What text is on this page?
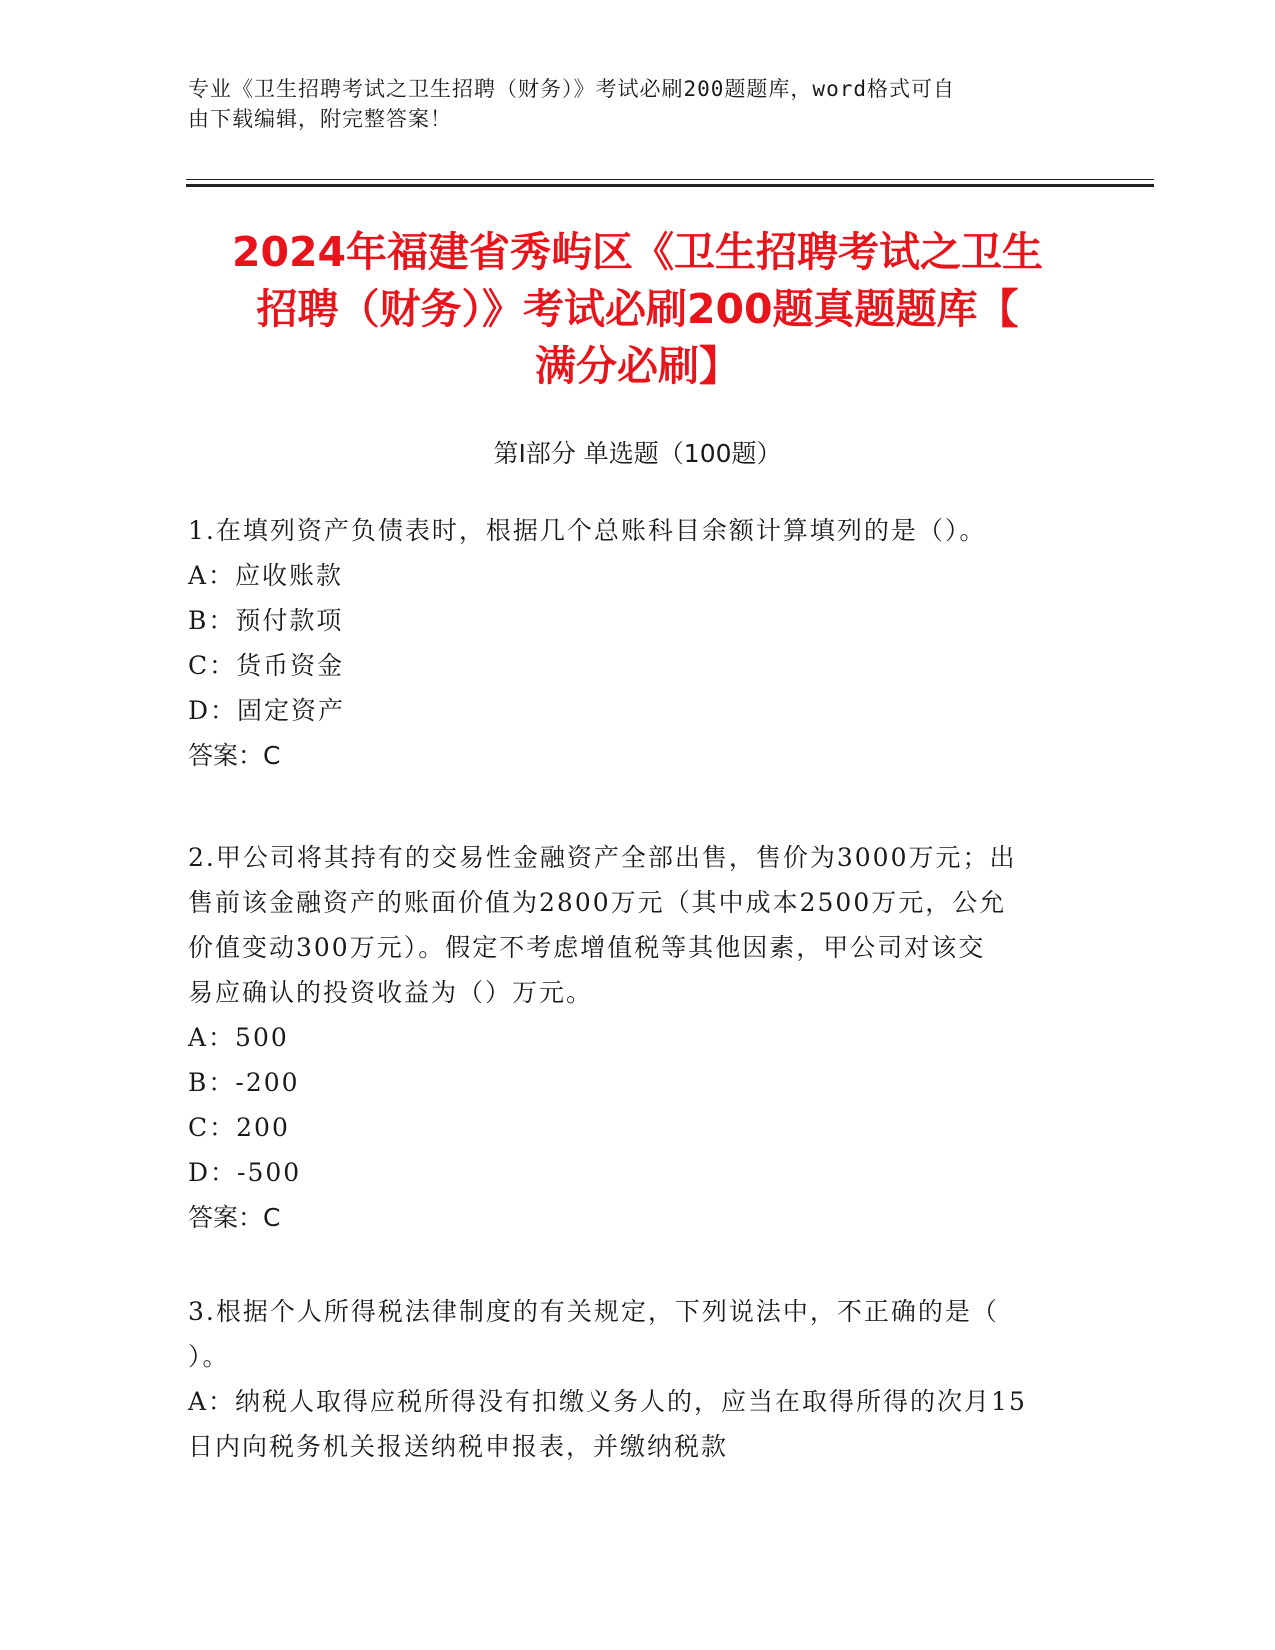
专业《卫生招聘考试之卫生招聘（财务）》考试必刷200题题库，word格式可自
由下载编辑，附完整答案！
2024年福建省秀屿区《卫生招聘考试之卫生
招聘（财务）》考试必刷200题真题题库【
满分必刷】
第Ⅰ部分 单选题（100题）
1.在填列资产负债表时，根据几个总账科目余额计算填列的是（）。
A：应收账款
B：预付款项
C：货币资金
D：固定资产
答案：C
2.甲公司将其持有的交易性金融资产全部出售，售价为3000万元；出
售前该金融资产的账面价值为2800万元（其中成本2500万元，公允
价值变动300万元）。假定不考虑增值税等其他因素，甲公司对该交
易应确认的投资收益为（）万元。
A：500
B：-200
C：200
D：-500
答案：C
3.根据个人所得税法律制度的有关规定，下列说法中，不正确的是（
）。
A：纳税人取得应税所得没有扣缴义务人的，应当在取得所得的次月15
日内向税务机关报送纳税申报表，并缴纳税款
